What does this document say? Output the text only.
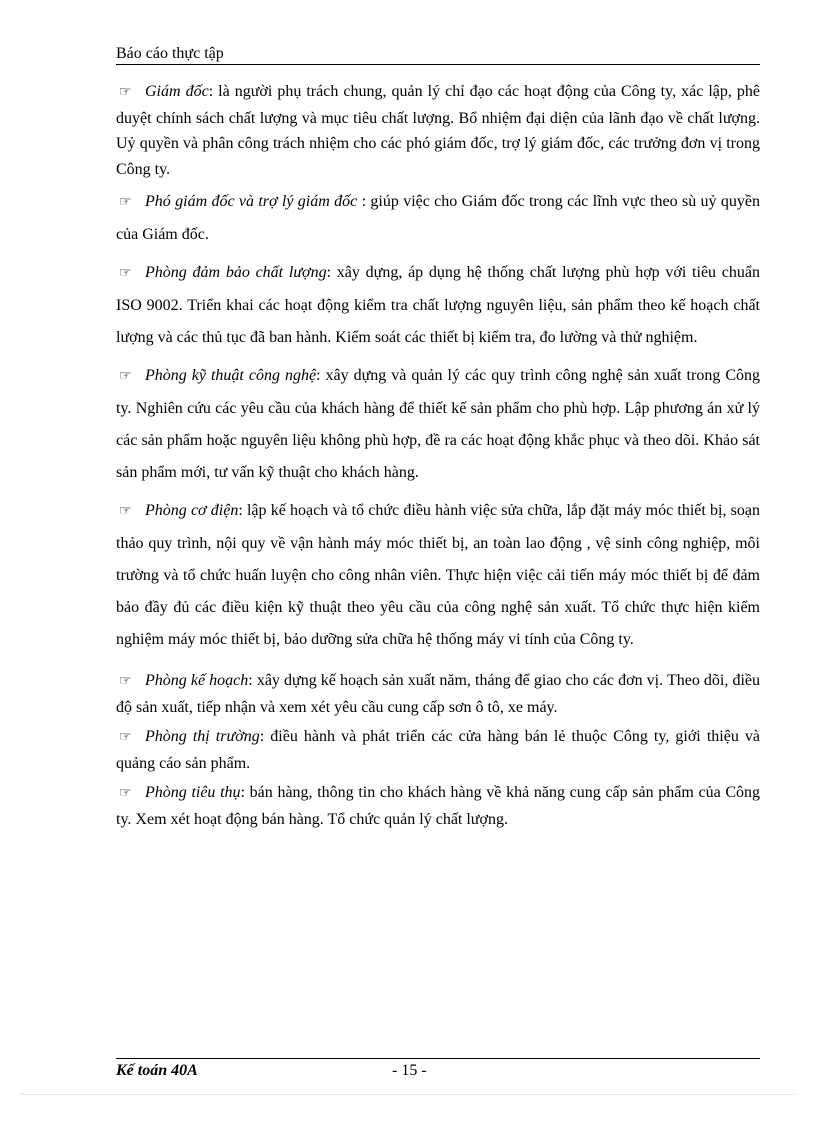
Báo cáo thực tập

☞ Giám đốc: là người phụ trách chung, quản lý chỉ đạo các hoạt động của Công ty, xác lập, phê duyệt chính sách chất lượng và mục tiêu chất lượng. Bổ nhiệm đại diện của lãnh đạo về chất lượng. Uỷ quyền và phân công trách nhiệm cho các phó giám đốc, trợ lý giám đốc, các trưởng đơn vị trong Công ty.

☞ Phó giám đốc và trợ lý giám đốc : giúp việc cho Giám đốc trong các lĩnh vực theo sù uỷ quyền của Giám đốc.

☞ Phòng đảm bảo chất lượng: xây dựng, áp dụng hệ thống chất lượng phù hợp với tiêu chuẩn ISO 9002. Triển khai các hoạt động kiểm tra chất lượng nguyên liệu, sản phẩm theo kế hoạch chất lượng và các thủ tục đã ban hành. Kiểm soát các thiết bị kiểm tra, đo lường và thử nghiệm.

☞ Phòng kỹ thuật công nghệ: xây dựng và quản lý các quy trình công nghệ sản xuất trong Công ty. Nghiên cứu các yêu cầu của khách hàng để thiết kế sản phẩm cho phù hợp. Lập phương án xử lý các sản phẩm hoặc nguyên liệu không phù hợp, đề ra các hoạt động khắc phục và theo dõi. Khảo sát sản phẩm mới, tư vấn kỹ thuật cho khách hàng.

☞ Phòng cơ điện: lập kế hoạch và tổ chức điều hành việc sửa chữa, lắp đặt máy móc thiết bị, soạn thảo quy trình, nội quy về vận hành máy móc thiết bị, an toàn lao động , vệ sinh công nghiệp, môi trường và tổ chức huấn luyện cho công nhân viên. Thực hiện việc cải tiến máy móc thiết bị để đảm bảo đầy đủ các điều kiện kỹ thuật theo yêu cầu của công nghệ sản xuất. Tổ chức thực hiện kiểm nghiệm máy móc thiết bị, bảo dưỡng sửa chữa hệ thống máy vi tính của Công ty.

☞ Phòng kế hoạch: xây dựng kế hoạch sản xuất năm, tháng để giao cho các đơn vị. Theo dõi, điều độ sản xuất, tiếp nhận và xem xét yêu cầu cung cấp sơn ô tô, xe máy.

☞ Phòng thị trường: điều hành và phát triển các cửa hàng bán lẻ thuộc Công ty, giới thiệu và quảng cáo sản phẩm.

☞ Phòng tiêu thụ: bán hàng, thông tin cho khách hàng về khả năng cung cấp sản phẩm của Công ty. Xem xét hoạt động bán hàng. Tổ chức quản lý chất lượng.

Kế toán 40A	- 15 -
